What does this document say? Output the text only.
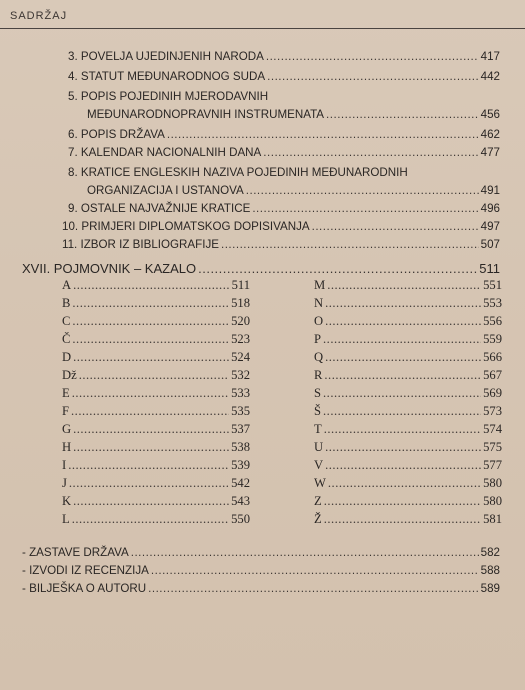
SADRŽAJ
3. POVELJA UJEDINJENIH NARODA .....	417
4. STATUT MEĐUNARODNOG SUDA .....	442
5. POPIS POJEDINIH MJERODAVNIH
MEĐUNARODNOPRAVNIH INSTRUMENATA .....	456
6. POPIS DRŽAVA .....	462
7. KALENDAR NACIONALNIH DANA .....	477
8. KRATICE ENGLESKIH NAZIVA POJEDINIH MEĐUNARODNIH
ORGANIZACIJA I USTANOVA .....	491
9. OSTALE NAJVAŽNIJE KRATICE .....	496
10. PRIMJERI DIPLOMATSKOG DOPISIVANJA .....	497
11. IZBOR IZ BIBLIOGRAFIJE .....	507
XVII. POJMOVNIK – KAZALO .....	511
A .....	511
B .....	518
C .....	520
Č .....	523
D .....	524
Dž .....	532
E .....	533
F .....	535
G .....	537
H .....	538
I .....	539
J .....	542
K .....	543
L .....	550
M .....	551
N .....	553
O .....	556
P .....	559
Q .....	566
R .....	567
S .....	569
Š .....	573
T .....	574
U .....	575
V .....	577
W .....	580
Z .....	580
Ž .....	581
- ZASTAVE DRŽAVA .....	582
- IZVODI IZ RECENZIJA .....	588
- BILJEŠKA O AUTORU .....	589
